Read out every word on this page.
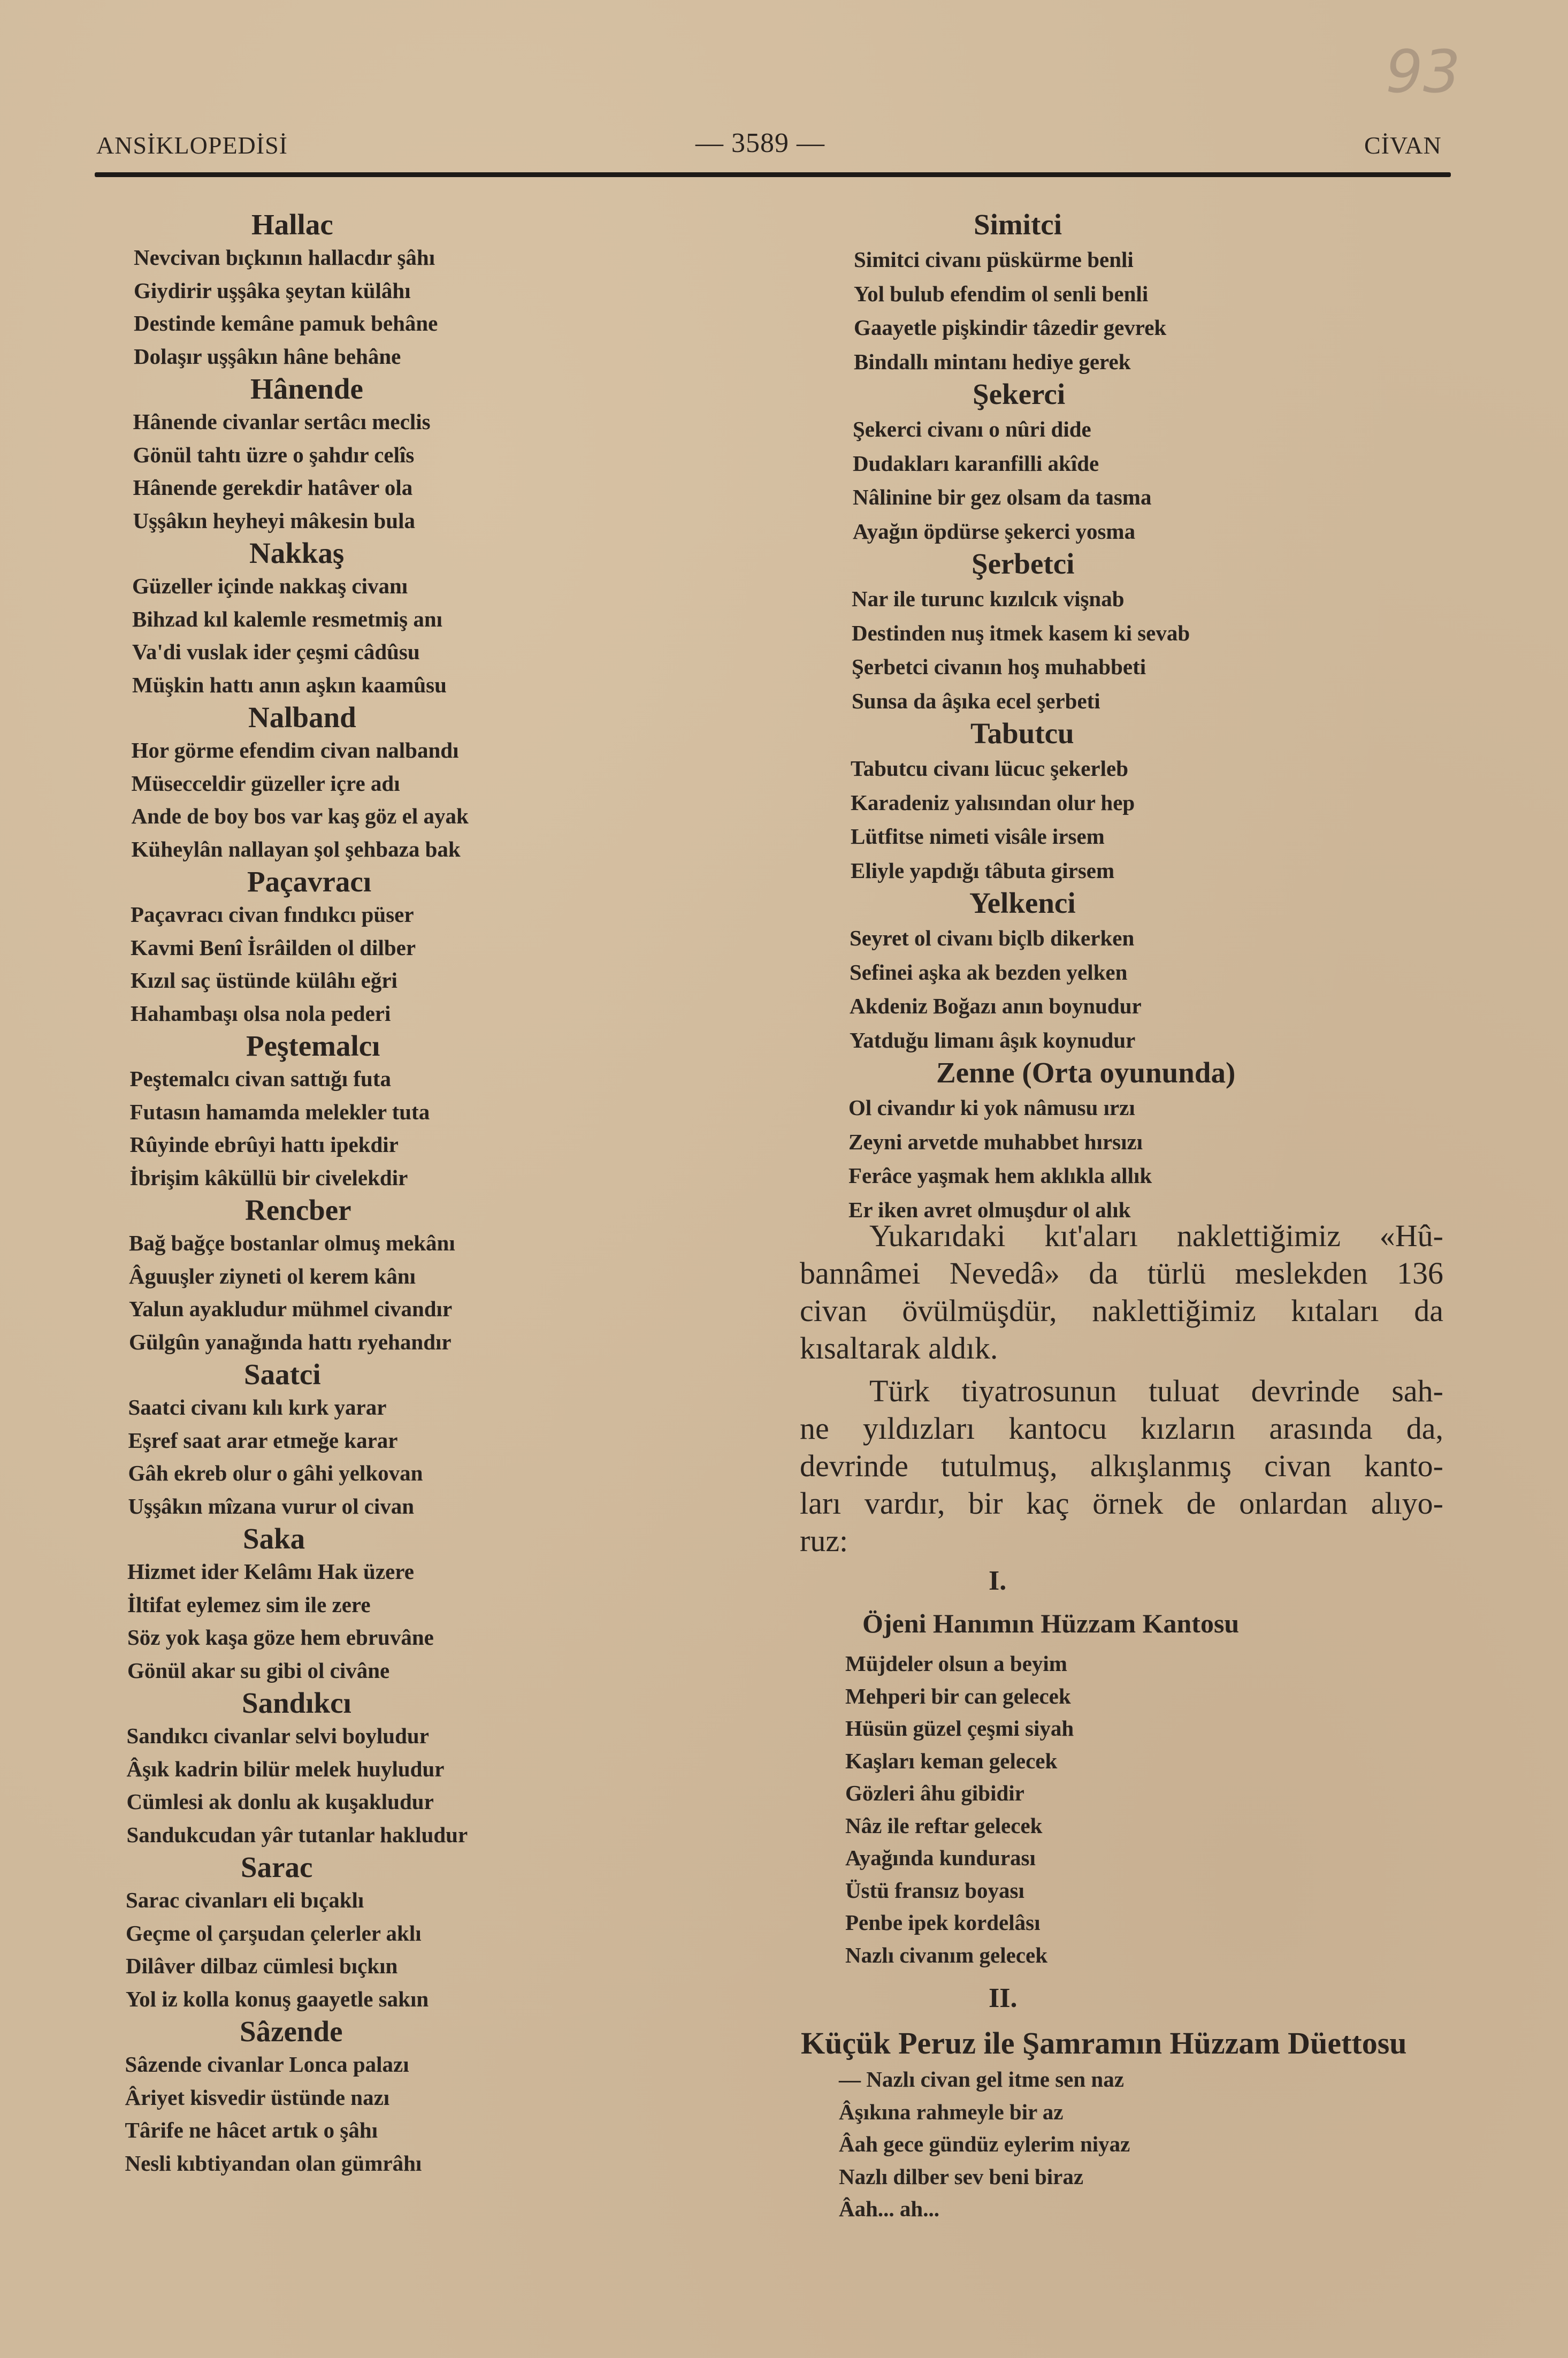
93
ANSİKLOPEDİSİ	— 3589 —	CİVAN
Hallac
Nevcivan bıçkının hallacdır şâhı
Giydirir uşşâka şeytan külâhı
Destinde kemâne pamuk behâne
Dolaşır uşşâkın hâne behâne
Hânende
Hânende civanlar sertâcı meclis
Gönül tahtı üzre o şahdır celîs
Hânende gerekdir hatâver ola
Uşşâkın heyheyi mâkesin bula
Nakkaş
Güzeller içinde nakkaş civanı
Bihzad kıl kalemle resmetmiş anı
Va'di vuslak ider çeşmi câdûsu
Müşkin hattı anın aşkın kaamûsu
Nalband
Hor görme efendim civan nalbandı
Müsecceldir güzeller içre adı
Ande de boy bos var kaş göz el ayak
Küheylân nallayan şol şehbaza bak
Paçavracı
Paçavracı civan fındıkcı püser
Kavmi Benî İsrâilden ol dilber
Kızıl saç üstünde külâhı eğri
Hahambaşı olsa nola pederi
Peştemalcı
Peştemalcı civan sattığı futa
Futasın hamamda melekler tuta
Rûyinde ebrûyi hattı ipekdir
İbrişim kâküllü bir civelekdir
Rencber
Bağ bağçe bostanlar olmuş mekânı
Âguuşler ziyneti ol kerem kânı
Yalun ayakludur mühmel civandır
Gülgûn yanağında hattı ryehandır
Saatci
Saatci civanı kılı kırk yarar
Eşref saat arar etmeğe karar
Gâh ekreb olur o gâhi yelkovan
Uşşâkın mîzana vurur ol civan
Saka
Hizmet ider Kelâmı Hak üzere
İltifat eylemez sim ile zere
Söz yok kaşa göze hem ebruvâne
Gönül akar su gibi ol civâne
Sandıkcı
Sandıkcı civanlar selvi boyludur
Âşık kadrin bilür melek huyludur
Cümlesi ak donlu ak kuşakludur
Sandukcudan yâr tutanlar hakludur
Sarac
Sarac civanları eli bıçaklı
Geçme ol çarşudan çelerler aklı
Dilâver dilbaz cümlesi bıçkın
Yol iz kolla konuş gaayetle sakın
Sâzende
Sâzende civanlar Lonca palazı
Âriyet kisvedir üstünde nazı
Târife ne hâcet artık o şâhı
Nesli kıbtiyandan olan gümrâhı
Simitci
Simitci civanı püskürme benli
Yol bulub efendim ol senli benli
Gaayetle pişkindir tâzedir gevrek
Bindallı mintanı hediye gerek
Şekerci
Şekerci civanı o nûri dide
Dudakları karanfilli akîde
Nâlinine bir gez olsam da tasma
Ayağın öpdürse şekerci yosma
Şerbetci
Nar ile turunc kızılcık vişnab
Destinden nuş itmek kasem ki sevab
Şerbetci civanın hoş muhabbeti
Sunsa da âşıka ecel şerbeti
Tabutcu
Tabutcu civanı lücuc şekerleb
Karadeniz yalısından olur hep
Lütfitse nimeti visâle irsem
Eliyle yapdığı tâbuta girsem
Yelkenci
Seyret ol civanı biçlb dikerken
Sefinei aşka ak bezden yelken
Akdeniz Boğazı anın boynudur
Yatduğu limanı âşık koynudur
Zenne (Orta oyununda)
Ol civandır ki yok nâmusu ırzı
Zeyni arvetde muhabbet hırsızı
Ferâce yaşmak hem aklıkla allık
Er iken avret olmuşdur ol alık
Yukarıdaki kıt'aları naklettiğimiz «Hû-
bannâmei Nevedâ» da türlü meslekden 136
civan övülmüşdür, naklettiğimiz kıtaları da
kısaltarak aldık.
Türk tiyatrosunun tuluat devrinde sah-
ne yıldızları kantocu kızların arasında da,
devrinde tutulmuş, alkışlanmış civan kanto-
ları vardır, bir kaç örnek de onlardan alıyo-
ruz:
I.
Öjeni Hanımın Hüzzam Kantosu
Müjdeler olsun a beyim
Mehperi bir can gelecek
Hüsün güzel çeşmi siyah
Kaşları keman gelecek
Gözleri âhu gibidir
Nâz ile reftar gelecek
Ayağında kundurası
Üstü fransız boyası
Penbe ipek kordelâsı
Nazlı civanım gelecek
II.
Küçük Peruz ile Şamramın Hüzzam Düettosu
— Nazlı civan gel itme sen naz
Âşıkına rahmeyle bir az
Âah gece gündüz eylerim niyaz
Nazlı dilber sev beni biraz
Âah... ah...
